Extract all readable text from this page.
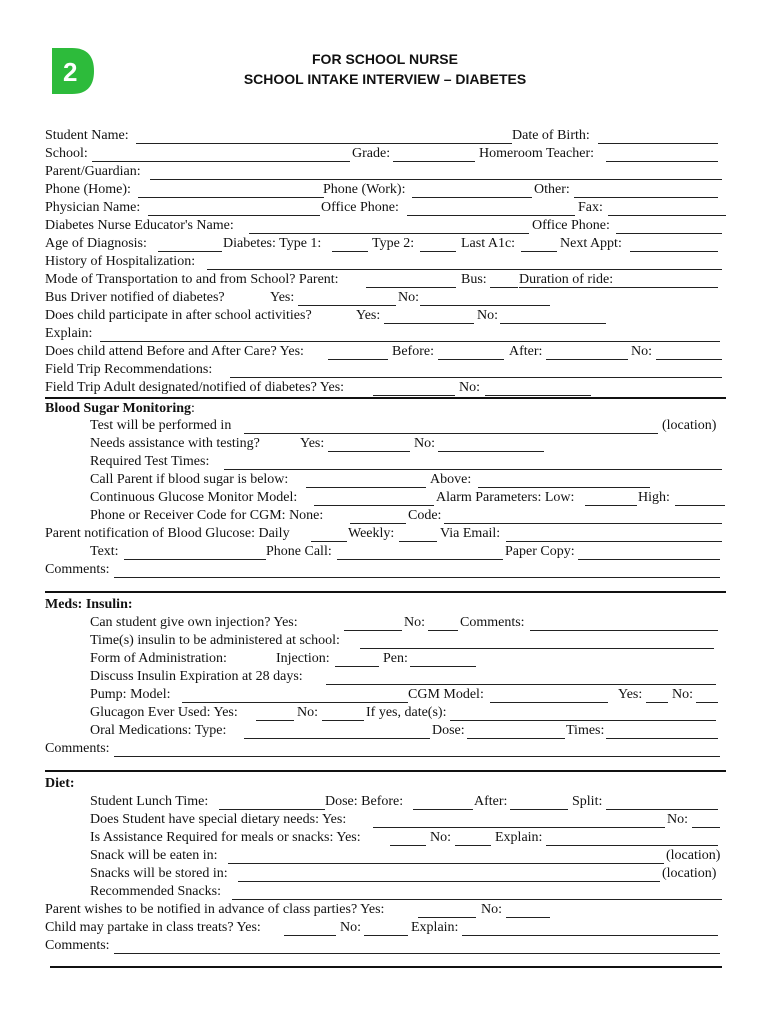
2	FOR SCHOOL NURSE
SCHOOL INTAKE INTERVIEW – DIABETES
Student Name:	Date of Birth:
School:	Grade:	Homeroom Teacher:
Parent/Guardian:
Phone (Home):	Phone (Work):	Other:
Physician Name:	Office Phone:	Fax:
Diabetes Nurse Educator's Name:	Office Phone:
Age of Diagnosis:	Diabetes: Type 1:	Type 2:	Last A1c:	Next Appt:
History of Hospitalization:
Mode of Transportation to and from School? Parent:	Bus: Duration of ride:
Bus Driver notified of diabetes?	Yes:	No:
Does child participate in after school activities?	Yes:	No:
Explain:
Does child attend Before and After Care? Yes:	Before:	After:	No:
Field Trip Recommendations:
Field Trip Adult designated/notified of diabetes? Yes:	No:
Blood Sugar Monitoring:
Test will be performed in	(location)
Needs assistance with testing?	Yes:	No:
Required Test Times:
Call Parent if blood sugar is below:	Above:
Continuous Glucose Monitor Model:	Alarm Parameters: Low:	High:
Phone or Receiver Code for CGM: None:	Code:
Parent notification of Blood Glucose: Daily	Weekly:	Via Email:
Text:	Phone Call:	Paper Copy:
Comments:
Meds: Insulin:
Can student give own injection? Yes:	No:	Comments:
Time(s) insulin to be administered at school:
Form of Administration:	Injection:	Pen:
Discuss Insulin Expiration at 28 days:
Pump: Model:	CGM Model:	Yes: No:
Glucagon Ever Used: Yes:	No:	If yes, date(s):
Oral Medications: Type:	Dose:	Times:
Comments:
Diet:
Student Lunch Time:	Dose: Before:	After:	Split:
Does Student have special dietary needs: Yes:	No:
Is Assistance Required for meals or snacks: Yes:	No:	Explain:
Snack will be eaten in:	(location)
Snacks will be stored in:	(location)
Recommended Snacks:
Parent wishes to be notified in advance of class parties? Yes:	No:
Child may partake in class treats? Yes:	No:	Explain:
Comments:
